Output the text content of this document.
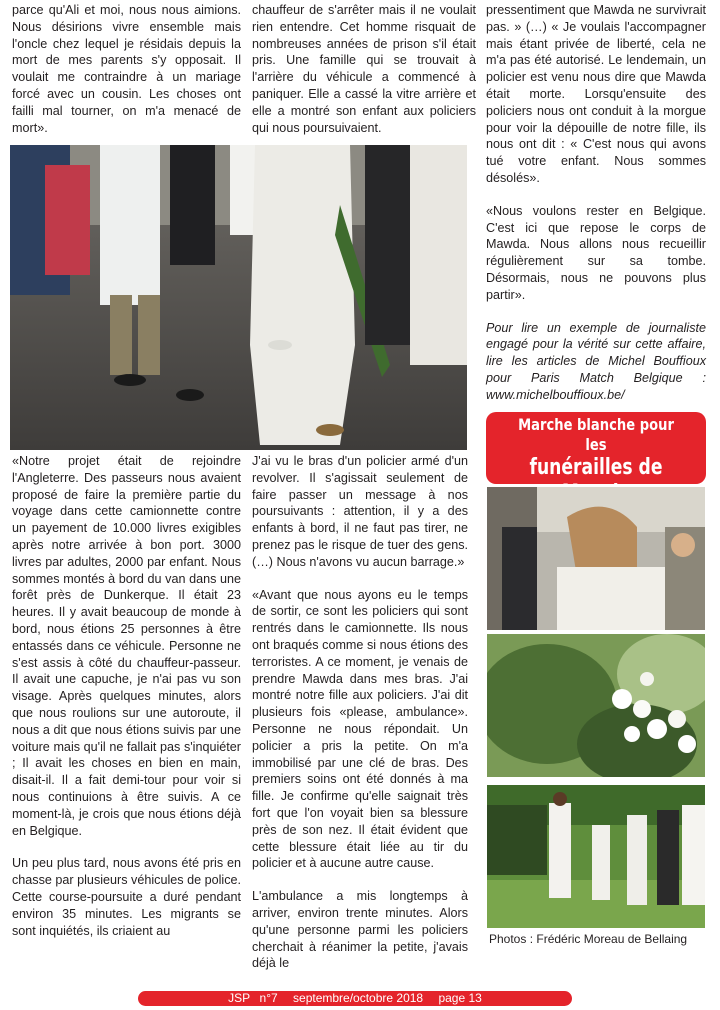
parce qu'Ali et moi, nous nous aimions. Nous désirions vivre ensemble mais l'oncle chez lequel je résidais depuis la mort de mes parents s'y opposait. Il voulait me contraindre à un mariage forcé avec un cousin. Les choses ont failli mal tourner, on m'a menacé de mort».

chauffeur de s'arrêter mais il ne voulait rien entendre. Cet homme risquait de nombreuses années de prison s'il était pris. Une famille qui se trouvait à l'arrière du véhicule a commencé à paniquer. Elle a cassé la vitre arrière et elle a montré son enfant aux policiers qui nous poursuivaient.

pressentiment que Mawda ne survivrait pas. » (…) « Je voulais l'accompagner mais étant privée de liberté, cela ne m'a pas été autorisé. Le lendemain, un policier est venu nous dire que Mawda était morte. Lorsqu'ensuite des policiers nous ont conduit à la morgue pour voir la dépouille de notre fille, ils nous ont dit : « C'est nous qui avons tué votre enfant. Nous sommes désolés».

«Nous voulons rester en Belgique. C'est ici que repose le corps de Mawda. Nous allons nous recueillir régulièrement sur sa tombe. Désormais, nous ne pouvons plus partir».

Pour lire un exemple de journaliste engagé pour la vérité sur cette affaire, lire les articles de Michel Bouffioux pour Paris Match Belgique : www.michelbouffioux.be/

«Notre projet était de rejoindre l'Angleterre. Des passeurs nous avaient proposé de faire la première partie du voyage dans cette camionnette contre un payement de 10.000 livres exigibles après notre arrivée à bon port. 3000 livres par adultes, 2000 par enfant. Nous sommes montés à bord du van dans une forêt près de Dunkerque. Il était 23 heures. Il y avait beaucoup de monde à bord, nous étions 25 personnes à être entassés dans ce véhicule. Personne ne s'est assis à côté du chauffeur-passeur. Il avait une capuche, je n'ai pas vu son visage. Après quelques minutes, alors que nous roulions sur une autoroute, il nous a dit que nous étions suivis par une voiture mais qu'il ne fallait pas s'inquiéter ; Il avait les choses en bien en main, disait-il. Il a fait demi-tour pour voir si nous continuions à être suivis. A ce moment-là, je crois que nous étions déjà en Belgique.

Un peu plus tard, nous avons été pris en chasse par plusieurs véhicules de police. Cette course-poursuite a duré pendant environ 35 minutes. Les migrants se sont inquiétés, ils criaient au

J'ai vu le bras d'un policier armé d'un revolver. Il s'agissait seulement de faire passer un message à nos poursuivants : attention, il y a des enfants à bord, il ne faut pas tirer, ne prenez pas le risque de tuer des gens. (…) Nous n'avons vu aucun barrage.»

«Avant que nous ayons eu le temps de sortir, ce sont les policiers qui sont rentrés dans le camionnette. Ils nous ont braqués comme si nous étions des terroristes. A ce moment, je venais de prendre Mawda dans mes bras. J'ai montré notre fille aux policiers. J'ai dit plusieurs fois «please, ambulance». Personne ne nous répondait. Un policier a pris la petite. On m'a immobilisé par une clé de bras. Des premiers soins ont été donnés à ma fille. Je confirme qu'elle saignait très fort que l'on voyait bien sa blessure près de son nez. Il était évident que cette blessure était liée au tir du policier et à aucune autre cause.

L'ambulance a mis longtemps à arriver, environ trente minutes. Alors qu'une personne parmi les policiers cherchait à réanimer la petite, j'avais déjà le

Marche blanche pour les
funérailles de
Photos : Frédéric Moreau de Bellaing
JSP n°7 septembre/octobre 2018 page 13
